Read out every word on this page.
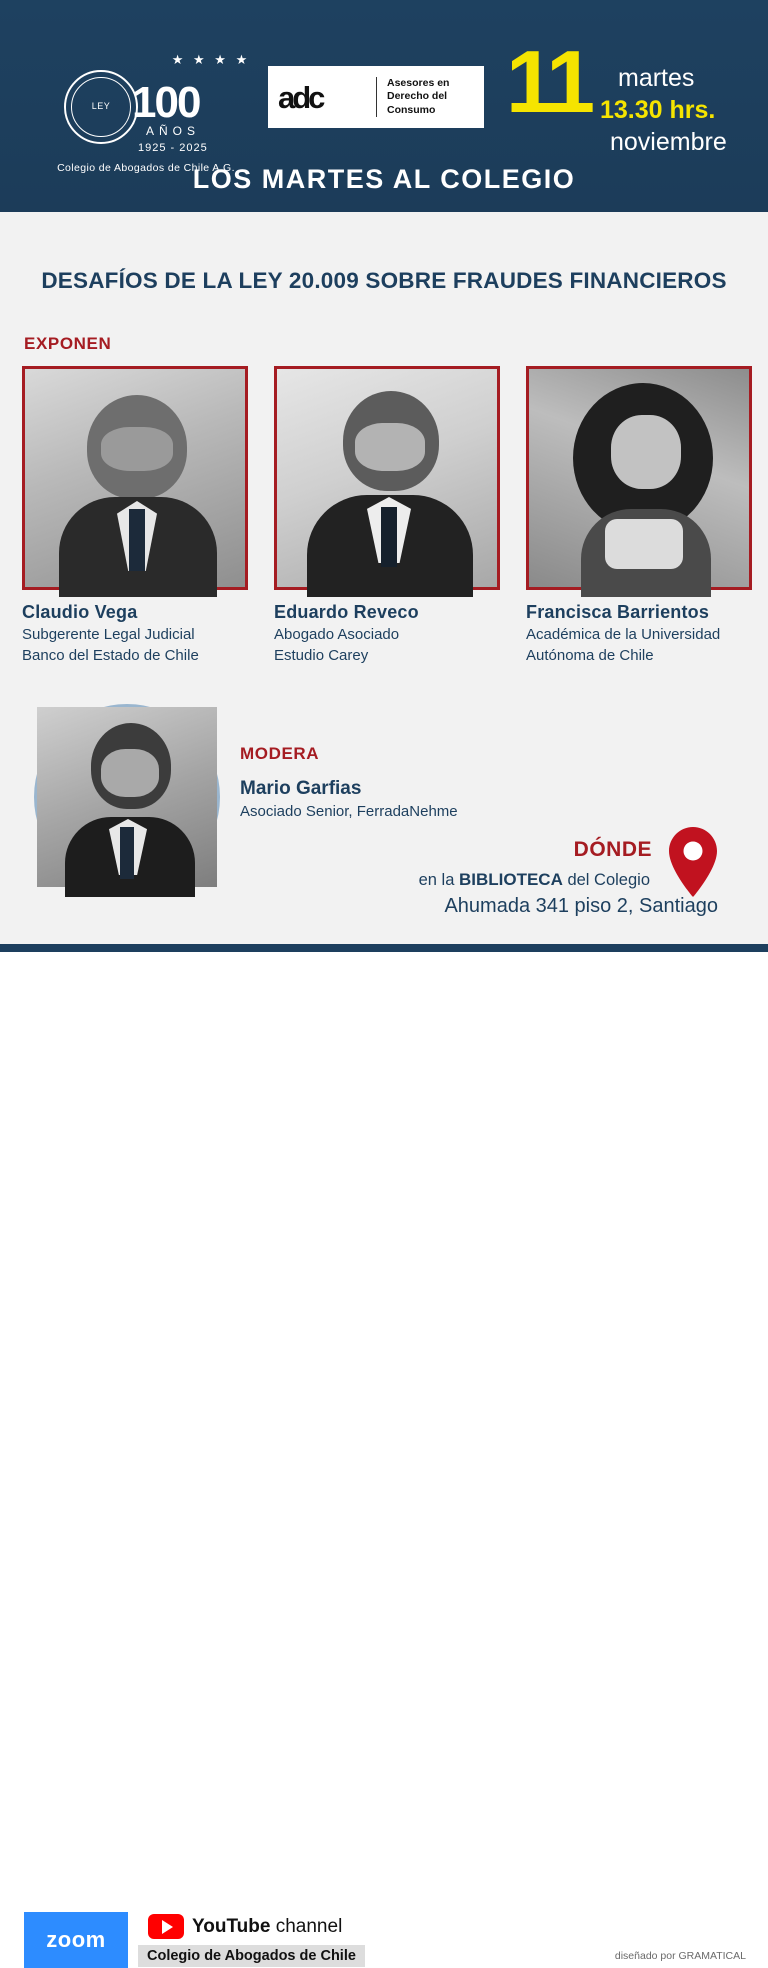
★ ★ ★ ★
LEY 100
AÑOS
1925 - 2025
Colegio de Abogados de Chile A.G.
adc	Asesores en
Derecho del
Consumo 11 martes
13.30 hrs.
noviembre
LOS MARTES AL COLEGIO
DESAFÍOS DE LA LEY 20.009 SOBRE FRAUDES FINANCIEROS
EXPONEN
Claudio Vega
Subgerente Legal Judicial
Banco del Estado de Chile
Eduardo Reveco
Abogado Asociado
Estudio Carey
Francisca Barrientos
Académica de la Universidad
Autónoma de Chile
MODERA
Mario Garfias
Asociado Senior, FerradaNehme
DÓNDE
en la BIBLIOTECA del Colegio
Ahumada 341 piso 2, Santiago
zoom
YouTube channel
Colegio de Abogados de Chile	diseñado por GRAMATICAL
